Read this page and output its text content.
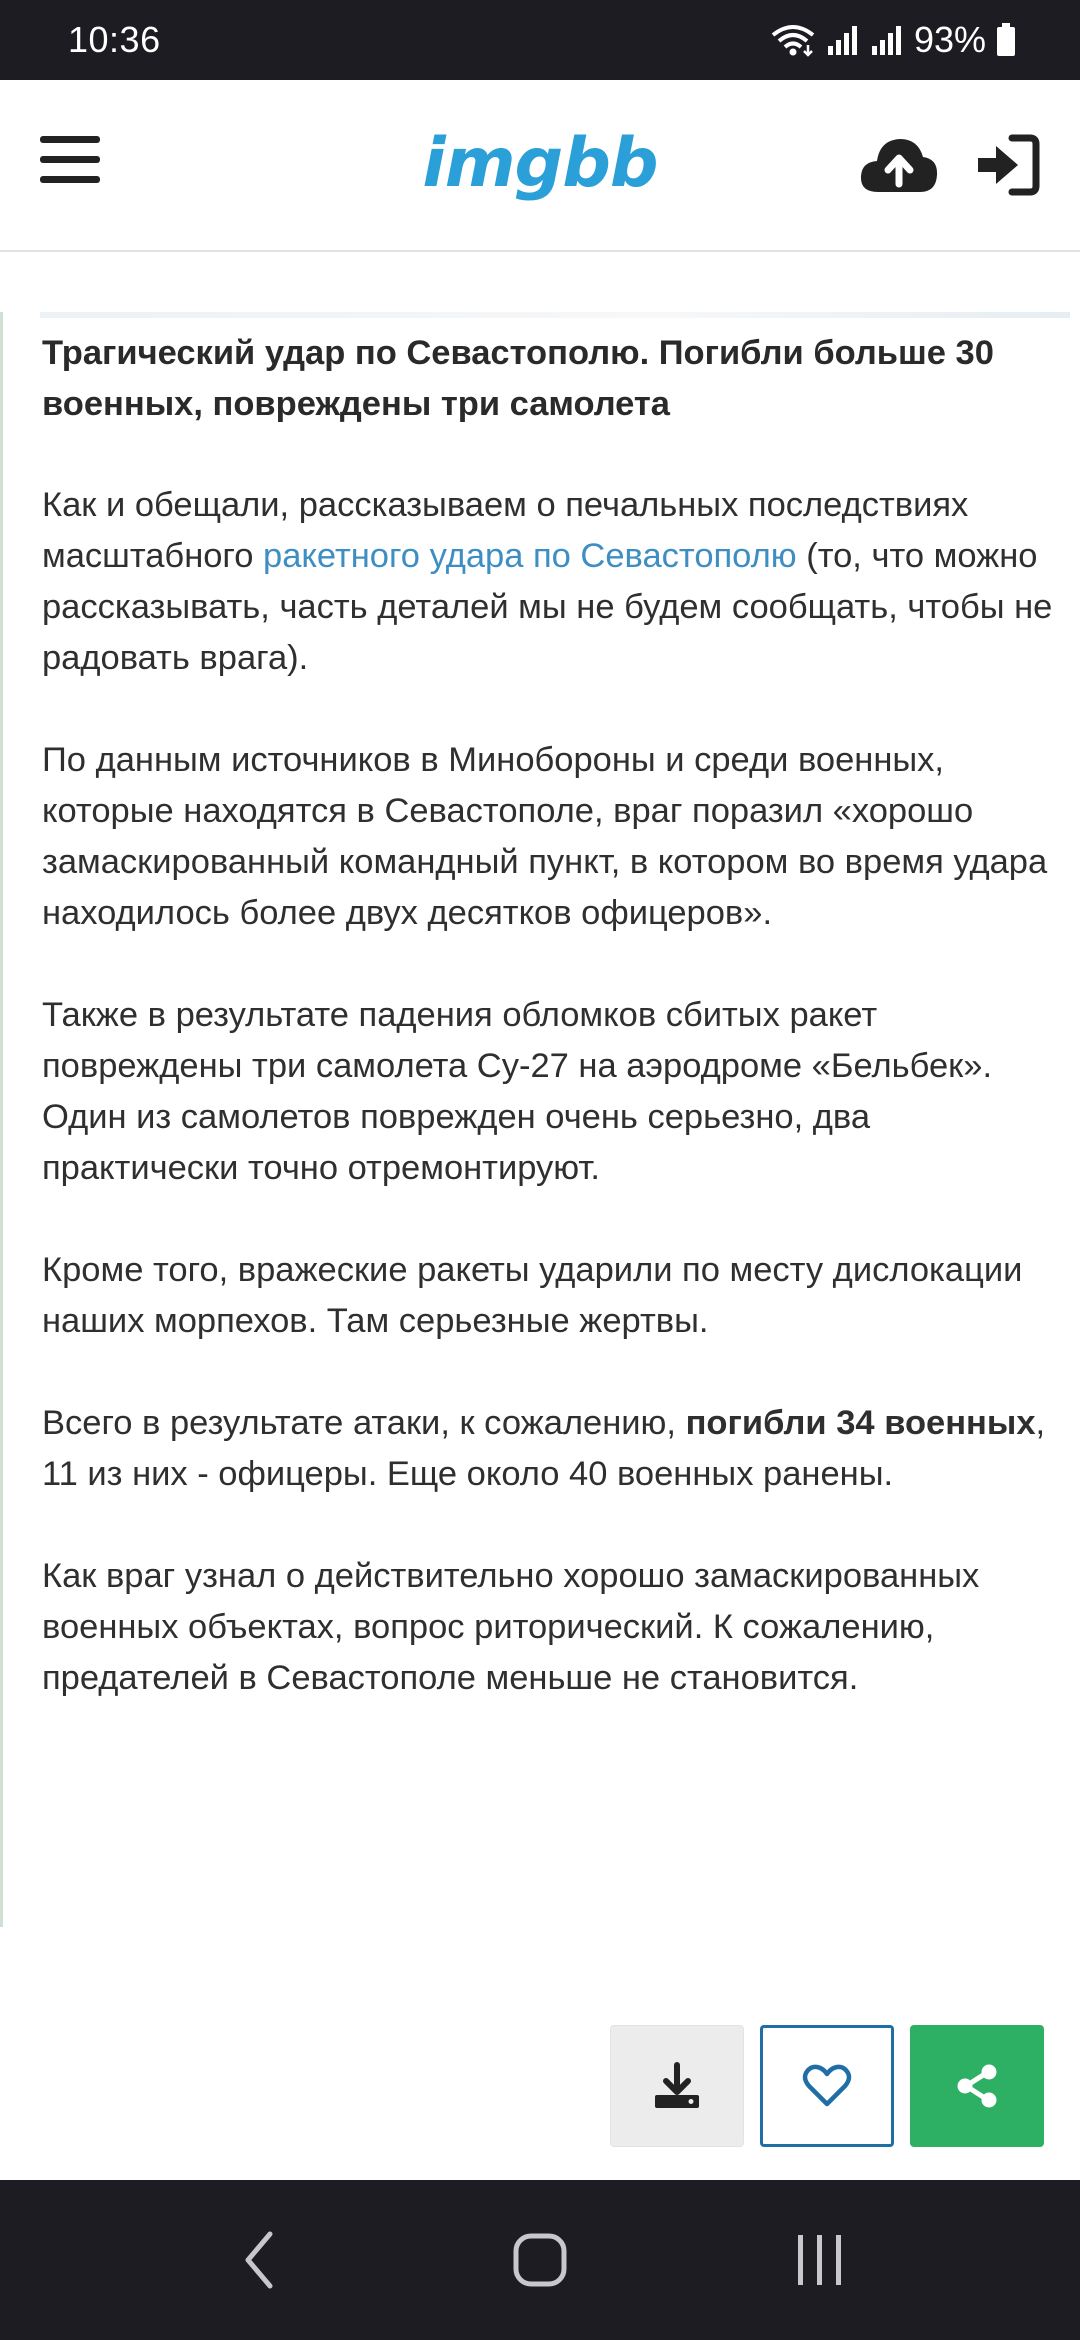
10:36	93%
imgbb
Трагический удар по Севастополю. Погибли больше 30 военных, повреждены три самолета

Как и обещали, рассказываем о печальных последствиях масштабного ракетного удара по Севастополю (то, что можно рассказывать, часть деталей мы не будем сообщать, чтобы не радовать врага).

По данным источников в Минобороны и среди военных, которые находятся в Севастополе, враг поразил «хорошо замаскированный командный пункт, в котором во время удара находилось более двух десятков офицеров».

Также в результате падения обломков сбитых ракет повреждены три самолета Су-27 на аэродроме «Бельбек». Один из самолетов поврежден очень серьезно, два практически точно отремонтируют.

Кроме того, вражеские ракеты ударили по месту дислокации наших морпехов. Там серьезные жертвы.

Всего в результате атаки, к сожалению, погибли 34 военных, 11 из них - офицеры. Еще около 40 военных ранены.

Как враг узнал о действительно хорошо замаскированных военных объектах, вопрос риторический. К сожалению, предателей в Севастополе меньше не становится.
